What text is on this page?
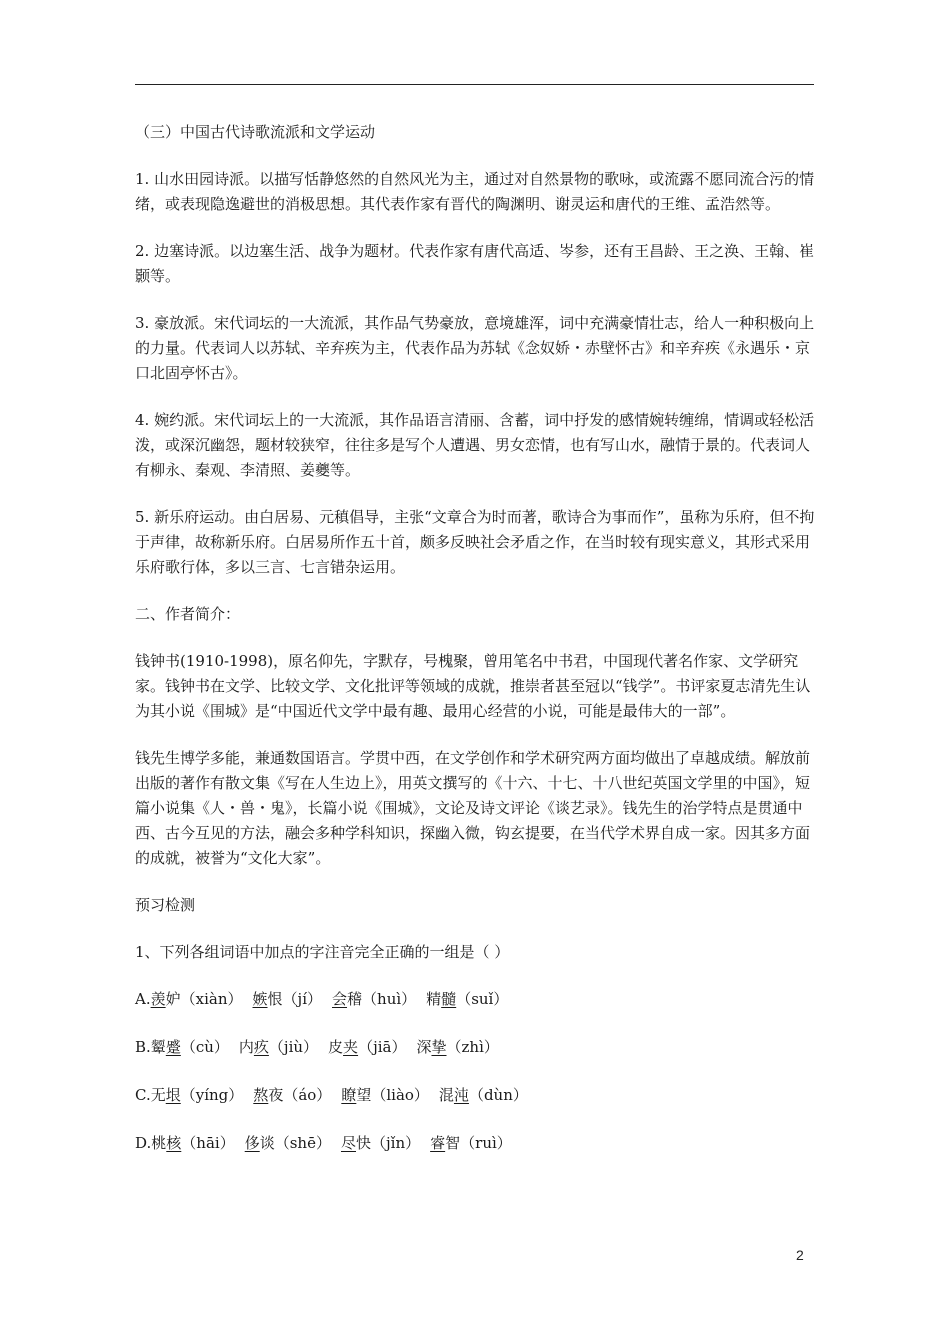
（三）中国古代诗歌流派和文学运动

1. 山水田园诗派。以描写恬静悠然的自然风光为主，通过对自然景物的歌咏，或流露不愿同流合污的情绪，或表现隐逸避世的消极思想。其代表作家有晋代的陶渊明、谢灵运和唐代的王维、孟浩然等。

2. 边塞诗派。以边塞生活、战争为题材。代表作家有唐代高适、岑参，还有王昌龄、王之涣、王翰、崔颢等。

3. 豪放派。宋代词坛的一大流派，其作品气势豪放，意境雄浑，词中充满豪情壮志，给人一种积极向上的力量。代表词人以苏轼、辛弃疾为主，代表作品为苏轼《念奴娇・赤壁怀古》和辛弃疾《永遇乐・京口北固亭怀古》。

4. 婉约派。宋代词坛上的一大流派，其作品语言清丽、含蓄，词中抒发的感情婉转缠绵，情调或轻松活泼，或深沉幽怨，题材较狭窄，往往多是写个人遭遇、男女恋情，也有写山水，融情于景的。代表词人有柳永、秦观、李清照、姜夔等。

5. 新乐府运动。由白居易、元稹倡导，主张“文章合为时而著，歌诗合为事而作”，虽称为乐府，但不拘于声律，故称新乐府。白居易所作五十首，颇多反映社会矛盾之作，在当时较有现实意义，其形式采用乐府歌行体，多以三言、七言错杂运用。

二、作者简介：

钱钟书(1910-1998)，原名仰先，字默存，号槐聚，曾用笔名中书君，中国现代著名作家、文学研究家。钱钟书在文学、比较文学、文化批评等领域的成就，推崇者甚至冠以“钱学”。书评家夏志清先生认为其小说《围城》是“中国近代文学中最有趣、最用心经营的小说，可能是最伟大的一部”。

钱先生博学多能，兼通数国语言。学贯中西，在文学创作和学术研究两方面均做出了卓越成绩。解放前出版的著作有散文集《写在人生边上》，用英文撰写的《十六、十七、十八世纪英国文学里的中国》，短篇小说集《人・兽・鬼》，长篇小说《围城》，文论及诗文评论《谈艺录》。钱先生的治学特点是贯通中西、古今互见的方法，融会多种学科知识，探幽入微，钩玄提要，在当代学术界自成一家。因其多方面的成就，被誉为“文化大家”。

预习检测

1、下列各组词语中加点的字注音完全正确的一组是（ ）

A.羡妒（xiàn） 嫉恨（jí） 会稽（huì） 精髓（suǐ）
B.颦蹙（cù） 内疚（jiù） 皮夹（jiā） 深挚（zhì）
C.无垠（yíng） 熬夜（áo） 瞭望（liào） 混沌（dùn）
D.桃核（hāi） 侈谈（shē） 尽快（jǐn） 睿智（ruì）
2
